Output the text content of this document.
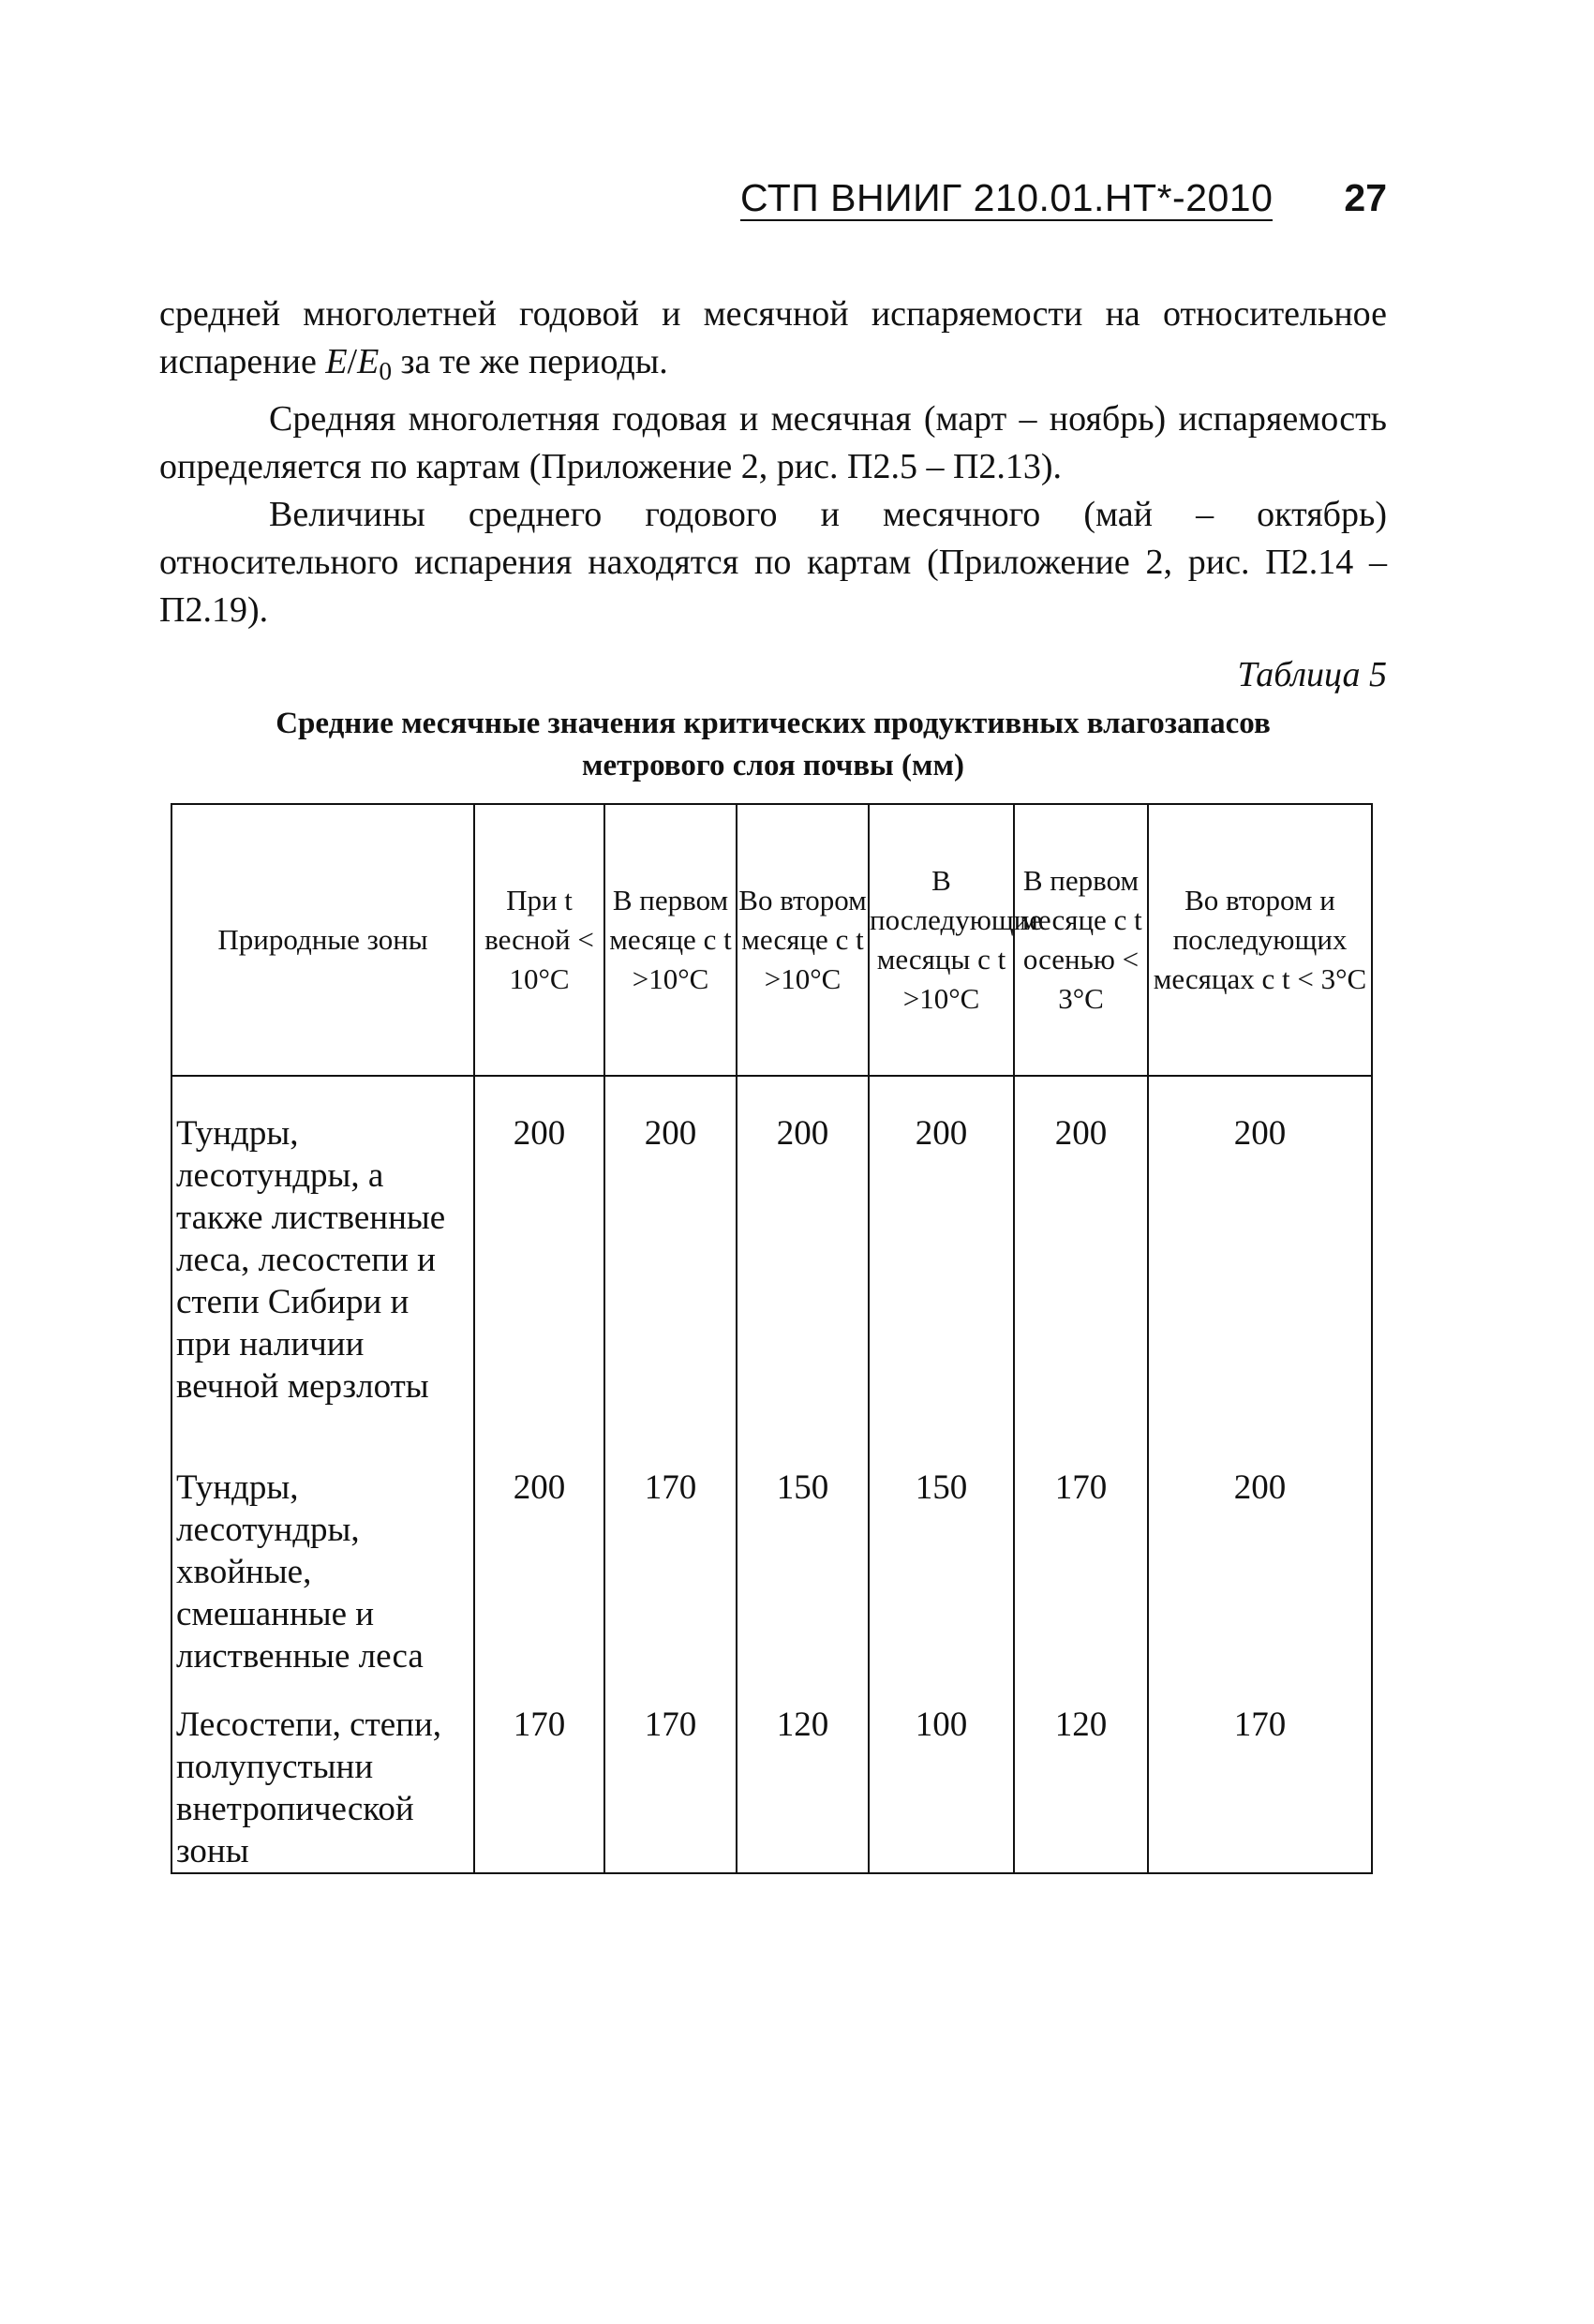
СТП ВНИИГ 210.01.НТ*-2010 27

средней многолетней годовой и месячной испаряемости на относительное испарение $E/E_0$ за те же периоды.

Средняя многолетняя годовая и месячная (март – ноябрь) испаряемость определяется по картам (Приложение 2, рис. П2.5 – П2.13).

Величины среднего годового и месячного (май – октябрь) относительного испарения находятся по картам (Приложение 2, рис. П2.14 – П2.19).

Таблица 5
Средние месячные значения критических продуктивных влагозапасов
метрового слоя почвы (мм)
Природные зоны	При t весной < 10°С	В первом месяце с t >10°С	Во втором месяце с t >10°С	В последующие месяцы с t >10°С	В первом месяце с t осенью < 3°С	Во втором и последующих месяцах с t < 3°С
Тундры, лесотундры, а также лиственные леса, лесостепи и степи Сибири и при наличии вечной мерзлоты	200	200	200	200	200	200
Тундры, лесотундры, хвойные, смешанные и лиственные леса	200	170	150	150	170	200
Лесостепи, степи, полупустыни внетропической зоны	170	170	120	100	120	170
